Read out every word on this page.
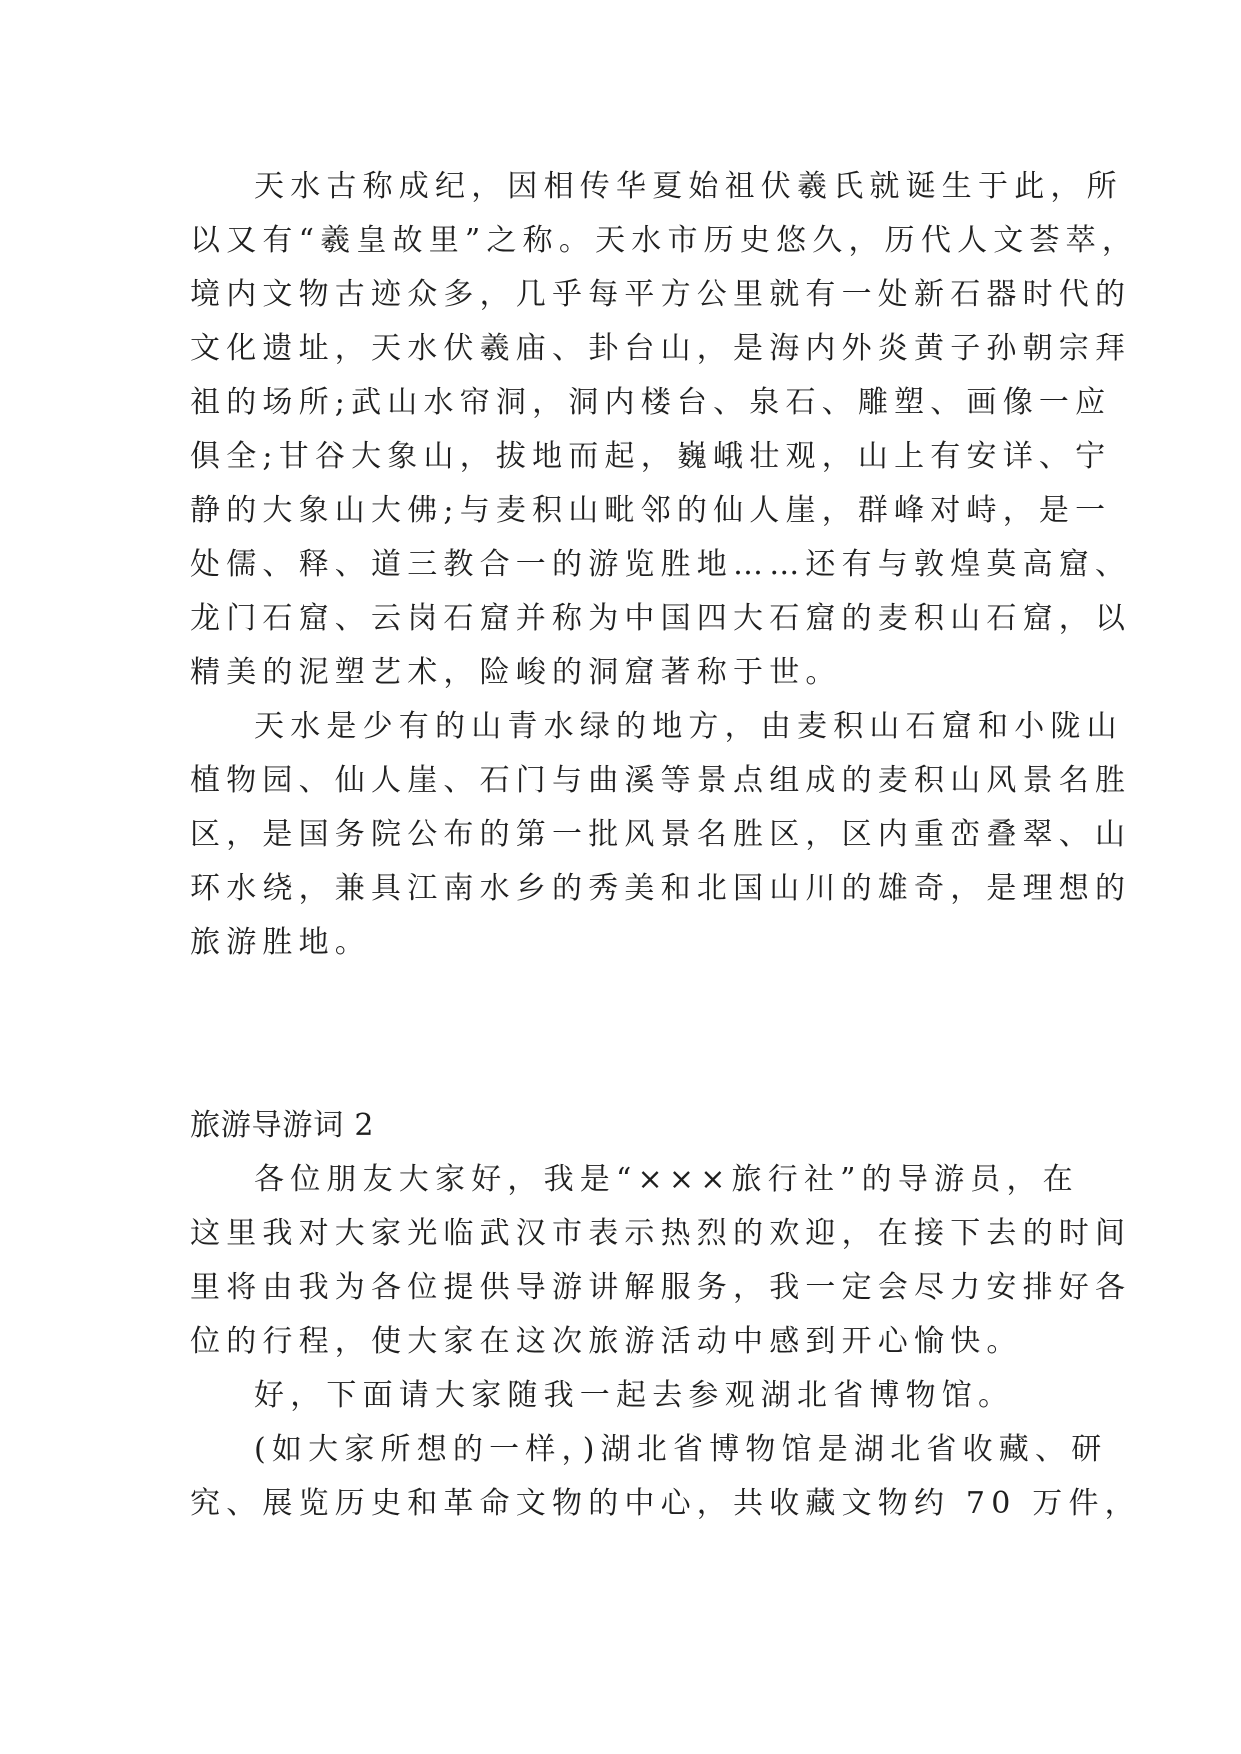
天水古称成纪，因相传华夏始祖伏羲氏就诞生于此，所

以又有“羲皇故里”之称。天水市历史悠久，历代人文荟萃，

境内文物古迹众多，几乎每平方公里就有一处新石器时代的

文化遗址，天水伏羲庙、卦台山，是海内外炎黄子孙朝宗拜

祖的场所;武山水帘洞，洞内楼台、泉石、雕塑、画像一应

俱全;甘谷大象山，拔地而起，巍峨壮观，山上有安详、宁

静的大象山大佛;与麦积山毗邻的仙人崖，群峰对峙，是一

处儒、释、道三教合一的游览胜地……还有与敦煌莫高窟、

龙门石窟、云岗石窟并称为中国四大石窟的麦积山石窟，以

精美的泥塑艺术，险峻的洞窟著称于世。

天水是少有的山青水绿的地方，由麦积山石窟和小陇山

植物园、仙人崖、石门与曲溪等景点组成的麦积山风景名胜

区，是国务院公布的第一批风景名胜区，区内重峦叠翠、山

环水绕，兼具江南水乡的秀美和北国山川的雄奇，是理想的

旅游胜地。

旅游导游词 2

各位朋友大家好，我是“×××旅行社”的导游员，在

这里我对大家光临武汉市表示热烈的欢迎，在接下去的时间

里将由我为各位提供导游讲解服务，我一定会尽力安排好各

位的行程，使大家在这次旅游活动中感到开心愉快。

好，下面请大家随我一起去参观湖北省博物馆。

(如大家所想的一样，)湖北省博物馆是湖北省收藏、研

究、展览历史和革命文物的中心，共收藏文物约 70 万件，
